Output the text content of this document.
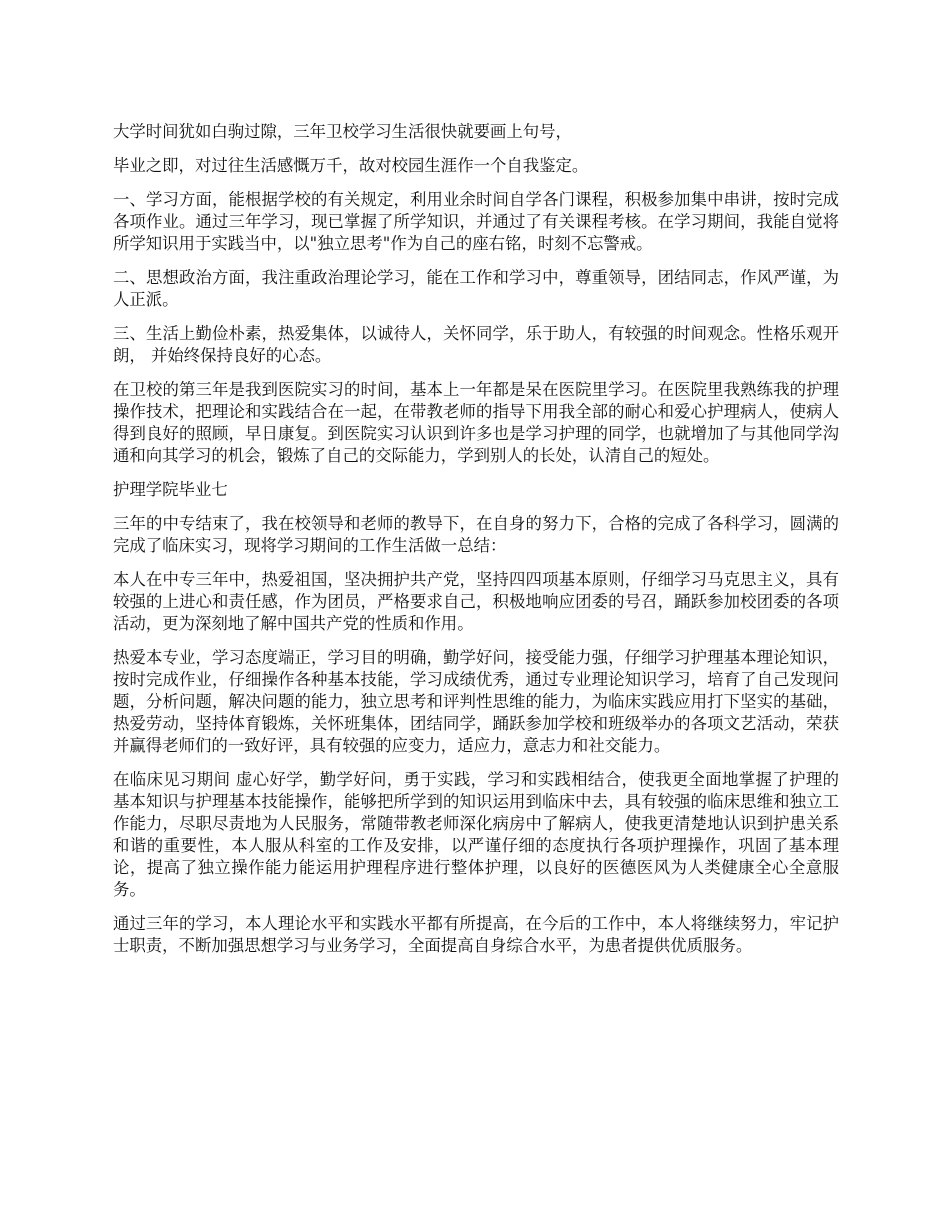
大学时间犹如白驹过隙，三年卫校学习生活很快就要画上句号，

毕业之即，对过往生活感慨万千，故对校园生涯作一个自我鉴定。

一、学习方面，能根据学校的有关规定，利用业余时间自学各门课程，积极参加集中串讲，按时完成各项作业。通过三年学习，现已掌握了所学知识，并通过了有关课程考核。在学习期间，我能自觉将所学知识用于实践当中，以"独立思考"作为自己的座右铭，时刻不忘警戒。

二、思想政治方面，我注重政治理论学习，能在工作和学习中，尊重领导，团结同志，作风严谨，为人正派。

三、生活上勤俭朴素，热爱集体，以诚待人，关怀同学，乐于助人，有较强的时间观念。性格乐观开朗， 并始终保持良好的心态。

在卫校的第三年是我到医院实习的时间，基本上一年都是呆在医院里学习。在医院里我熟练我的护理操作技术，把理论和实践结合在一起，在带教老师的指导下用我全部的耐心和爱心护理病人，使病人得到良好的照顾，早日康复。到医院实习认识到许多也是学习护理的同学，也就增加了与其他同学沟通和向其学习的机会，锻炼了自己的交际能力，学到别人的长处，认清自己的短处。

护理学院毕业七

三年的中专结束了，我在校领导和老师的教导下，在自身的努力下，合格的完成了各科学习，圆满的完成了临床实习，现将学习期间的工作生活做一总结：

本人在中专三年中，热爱祖国，坚决拥护共产党，坚持四四项基本原则，仔细学习马克思主义，具有较强的上进心和责任感，作为团员，严格要求自己，积极地响应团委的号召，踊跃参加校团委的各项活动，更为深刻地了解中国共产党的性质和作用。

热爱本专业，学习态度端正，学习目的明确，勤学好问，接受能力强，仔细学习护理基本理论知识，按时完成作业，仔细操作各种基本技能，学习成绩优秀，通过专业理论知识学习，培育了自己发现问题，分析问题，解决问题的能力，独立思考和评判性思维的能力，为临床实践应用打下坚实的基础，热爱劳动，坚持体育锻炼，关怀班集体，团结同学，踊跃参加学校和班级举办的各项文艺活动，荣获并赢得老师们的一致好评，具有较强的应变力，适应力，意志力和社交能力。

在临床见习期间 虚心好学，勤学好问，勇于实践，学习和实践相结合，使我更全面地掌握了护理的基本知识与护理基本技能操作，能够把所学到的知识运用到临床中去，具有较强的临床思维和独立工作能力，尽职尽责地为人民服务，常随带教老师深化病房中了解病人，使我更清楚地认识到护患关系和谐的重要性，本人服从科室的工作及安排，以严谨仔细的态度执行各项护理操作，巩固了基本理论，提高了独立操作能力能运用护理程序进行整体护理，以良好的医德医风为人类健康全心全意服务。

通过三年的学习，本人理论水平和实践水平都有所提高，在今后的工作中，本人将继续努力，牢记护士职责，不断加强思想学习与业务学习，全面提高自身综合水平，为患者提供优质服务。
